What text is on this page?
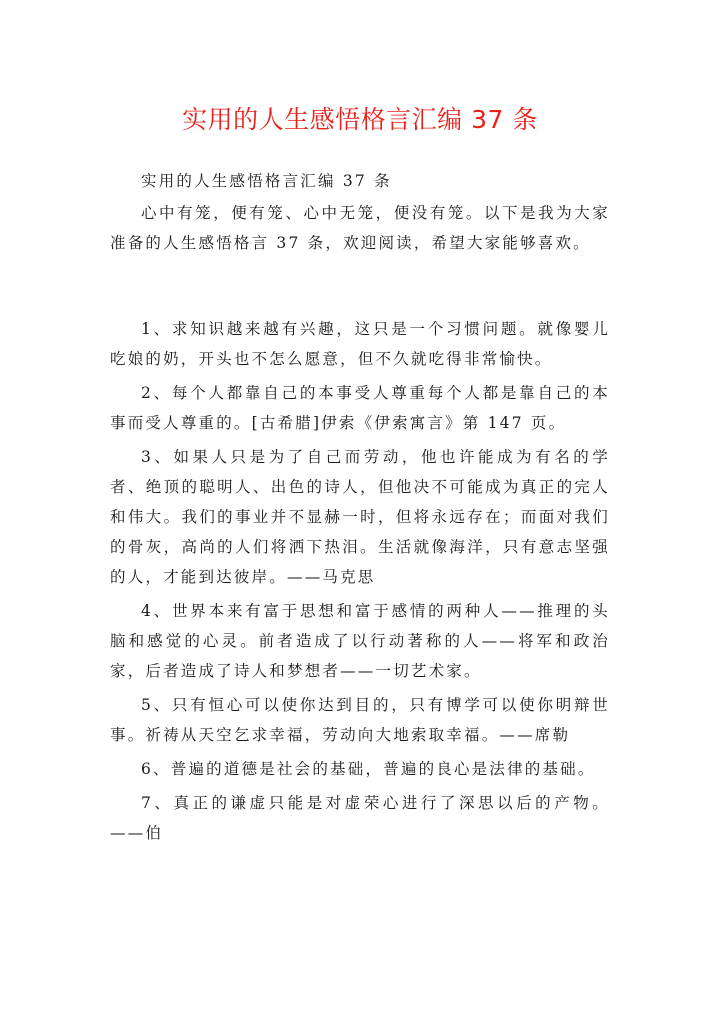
实用的人生感悟格言汇编 37 条

实用的人生感悟格言汇编 37 条

心中有笼，便有笼、心中无笼，便没有笼。以下是我为大家准备的人生感悟格言 37 条，欢迎阅读，希望大家能够喜欢。

1、求知识越来越有兴趣，这只是一个习惯问题。就像婴儿吃娘的奶，开头也不怎么愿意，但不久就吃得非常愉快。

2、每个人都靠自己的本事受人尊重每个人都是靠自己的本事而受人尊重的。[古希腊]伊索《伊索寓言》第 147 页。

3、如果人只是为了自己而劳动，他也许能成为有名的学者、绝顶的聪明人、出色的诗人，但他决不可能成为真正的完人和伟大。我们的事业并不显赫一时，但将永远存在；而面对我们的骨灰，高尚的人们将洒下热泪。生活就像海洋，只有意志坚强的人，才能到达彼岸。——马克思

4、世界本来有富于思想和富于感情的两种人——推理的头脑和感觉的心灵。前者造成了以行动著称的人——将军和政治家，后者造成了诗人和梦想者——一切艺术家。

5、只有恒心可以使你达到目的，只有博学可以使你明辩世事。祈祷从天空乞求幸福，劳动向大地索取幸福。——席勒

6、普遍的道德是社会的基础，普遍的良心是法律的基础。

7、真正的谦虚只能是对虚荣心进行了深思以后的产物。——伯
